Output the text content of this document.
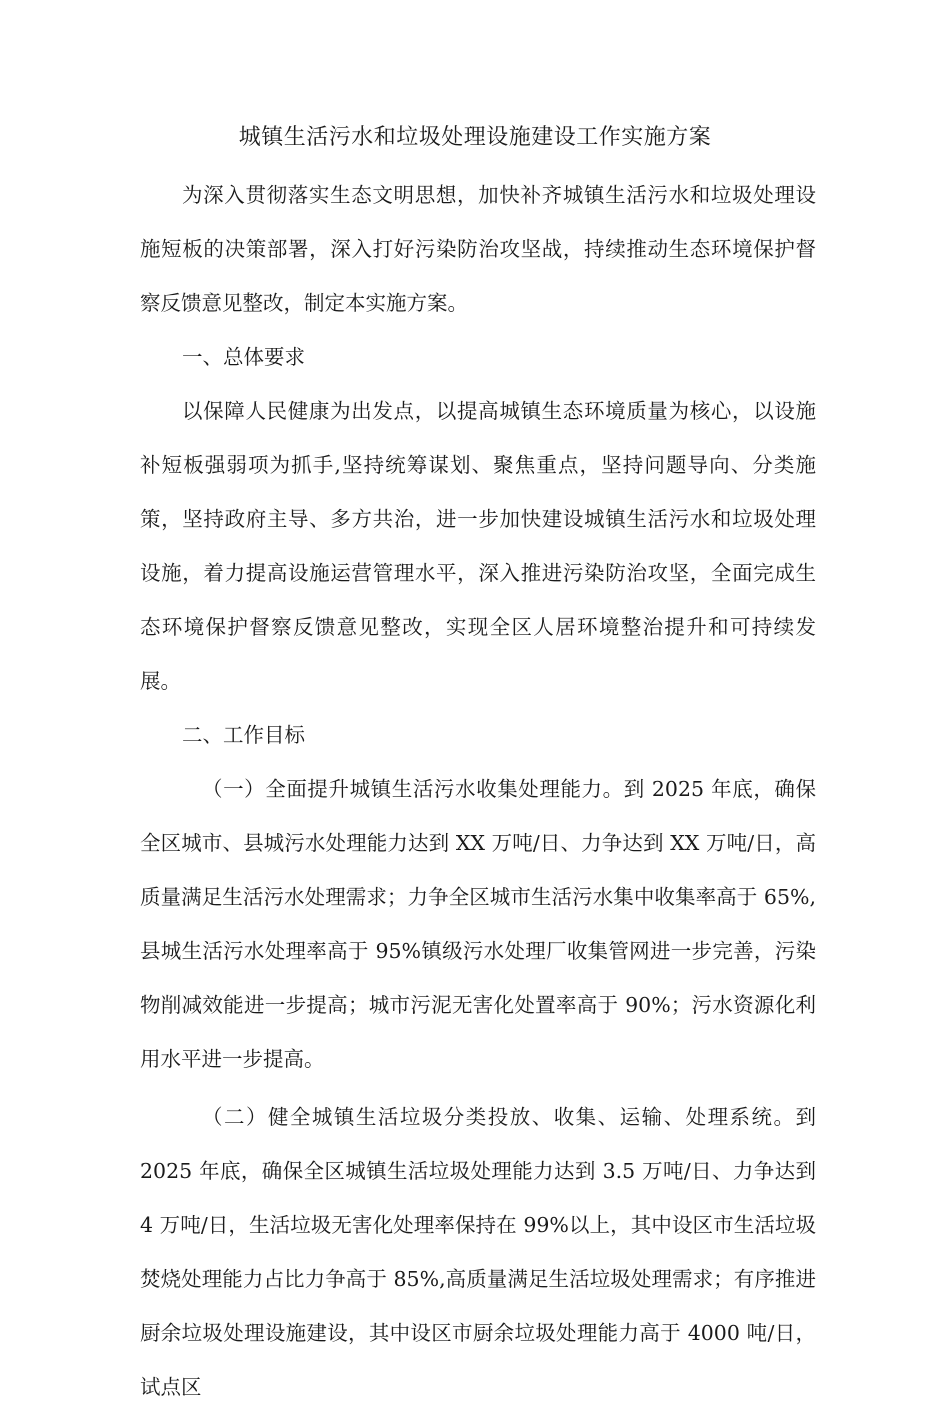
城镇生活污水和垃圾处理设施建设工作实施方案

为深入贯彻落实生态文明思想，加快补齐城镇生活污水和垃圾处理设施短板的决策部署，深入打好污染防治攻坚战，持续推动生态环境保护督察反馈意见整改，制定本实施方案。

一、总体要求

以保障人民健康为出发点，以提高城镇生态环境质量为核心，以设施补短板强弱项为抓手,坚持统筹谋划、聚焦重点，坚持问题导向、分类施策，坚持政府主导、多方共治，进一步加快建设城镇生活污水和垃圾处理设施，着力提高设施运营管理水平，深入推进污染防治攻坚，全面完成生态环境保护督察反馈意见整改，实现全区人居环境整治提升和可持续发展。

二、工作目标

（一）全面提升城镇生活污水收集处理能力。到 2025 年底，确保全区城市、县城污水处理能力达到 XX 万吨/日、力争达到 XX 万吨/日，高质量满足生活污水处理需求；力争全区城市生活污水集中收集率高于 65%,县城生活污水处理率高于 95%镇级污水处理厂收集管网进一步完善，污染物削减效能进一步提高；城市污泥无害化处置率高于 90%；污水资源化利用水平进一步提高。

（二）健全城镇生活垃圾分类投放、收集、运输、处理系统。到 2025 年底，确保全区城镇生活垃圾处理能力达到 3.5 万吨/日、力争达到 4 万吨/日，生活垃圾无害化处理率保持在 99%以上，其中设区市生活垃圾焚烧处理能力占比力争高于 85%,高质量满足生活垃圾处理需求；有序推进厨余垃圾处理设施建设，其中设区市厨余垃圾处理能力高于 4000 吨/日，试点区
